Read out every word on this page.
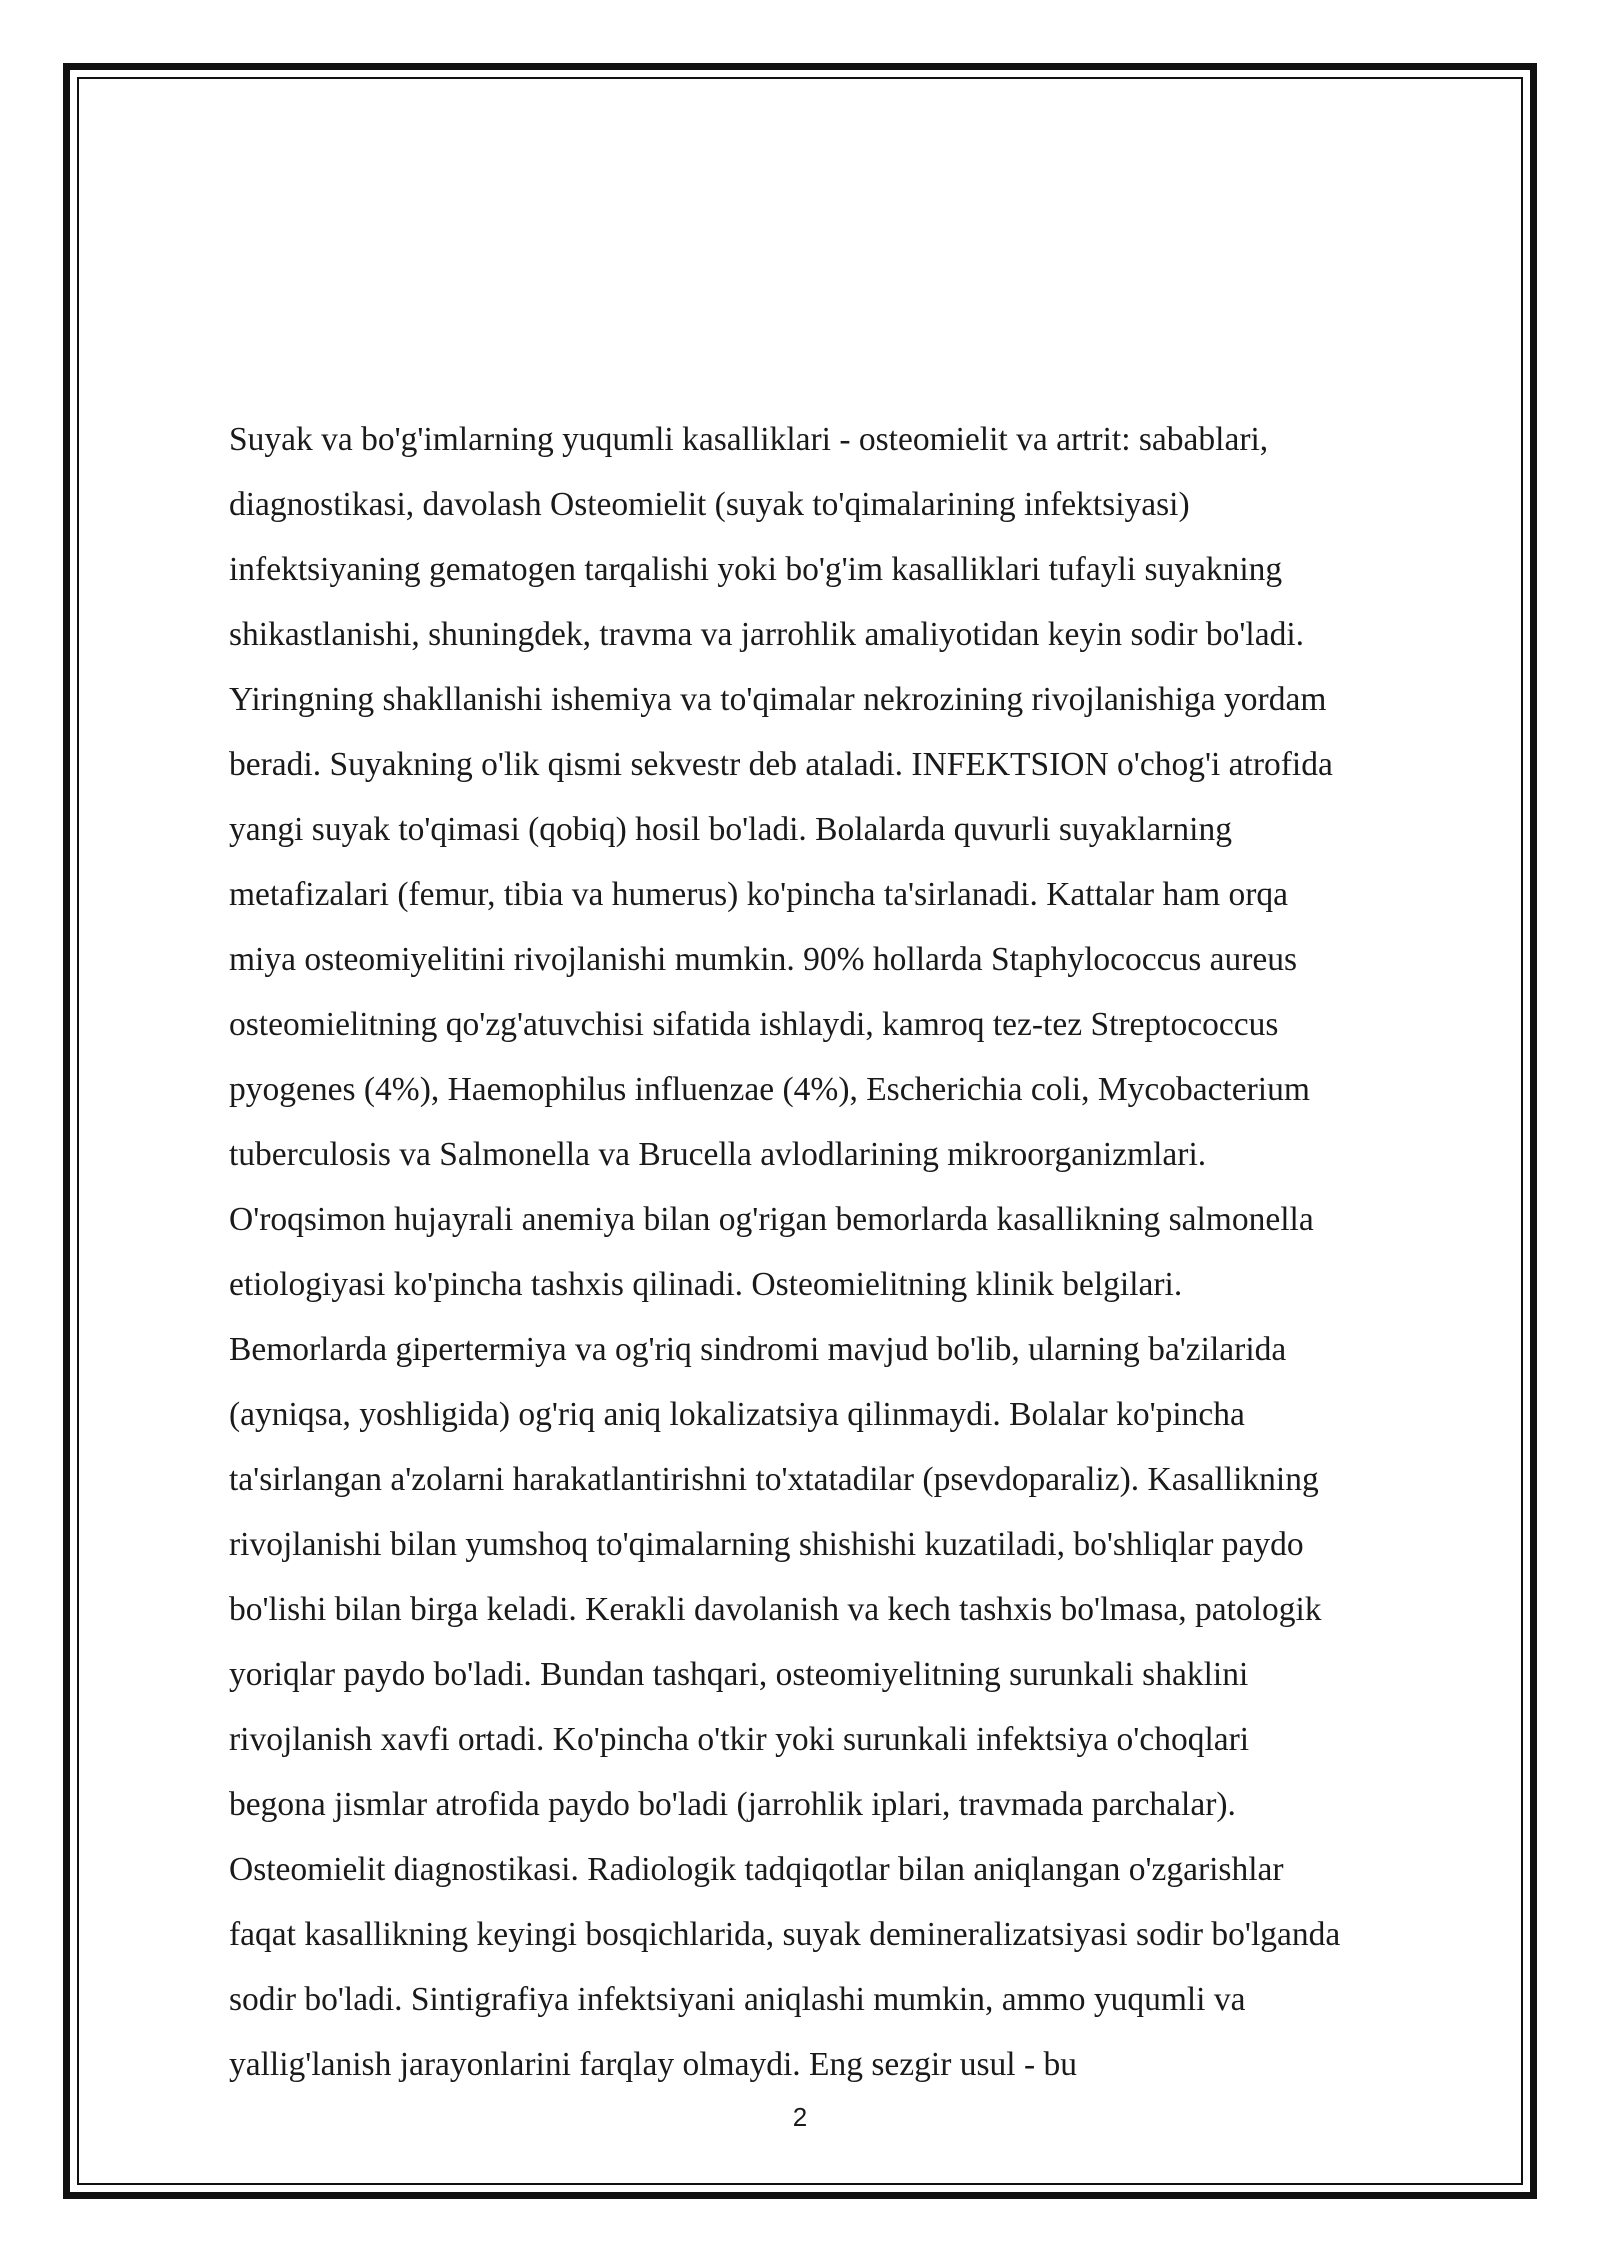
Suyak va bo'g'imlarning yuqumli kasalliklari - osteomielit va artrit: sabablari,
diagnostikasi, davolash Osteomielit (suyak to'qimalarining infektsiyasi)
infektsiyaning gematogen tarqalishi yoki bo'g'im kasalliklari tufayli suyakning
shikastlanishi, shuningdek, travma va jarrohlik amaliyotidan keyin sodir bo'ladi.
Yiringning shakllanishi ishemiya va to'qimalar nekrozining rivojlanishiga yordam
beradi. Suyakning o'lik qismi sekvestr deb ataladi. INFEKTSION o'chog'i atrofida
yangi suyak to'qimasi (qobiq) hosil bo'ladi. Bolalarda quvurli suyaklarning
metafizalari (femur, tibia va humerus) ko'pincha ta'sirlanadi. Kattalar ham orqa
miya osteomiyelitini rivojlanishi mumkin. 90% hollarda Staphylococcus aureus
osteomielitning qo'zg'atuvchisi sifatida ishlaydi, kamroq tez-tez Streptococcus
pyogenes (4%), Haemophilus influenzae (4%), Escherichia coli, Mycobacterium
tuberculosis va Salmonella va Brucella avlodlarining mikroorganizmlari.
O'roqsimon hujayrali anemiya bilan og'rigan bemorlarda kasallikning salmonella
etiologiyasi ko'pincha tashxis qilinadi. Osteomielitning klinik belgilari.
Bemorlarda gipertermiya va og'riq sindromi mavjud bo'lib, ularning ba'zilarida
(ayniqsa, yoshligida) og'riq aniq lokalizatsiya qilinmaydi. Bolalar ko'pincha
ta'sirlangan a'zolarni harakatlantirishni to'xtatadilar (psevdoparaliz). Kasallikning
rivojlanishi bilan yumshoq to'qimalarning shishishi kuzatiladi, bo'shliqlar paydo
bo'lishi bilan birga keladi. Kerakli davolanish va kech tashxis bo'lmasa, patologik
yoriqlar paydo bo'ladi. Bundan tashqari, osteomiyelitning surunkali shaklini
rivojlanish xavfi ortadi. Ko'pincha o'tkir yoki surunkali infektsiya o'choqlari
begona jismlar atrofida paydo bo'ladi (jarrohlik iplari, travmada parchalar).
Osteomielit diagnostikasi. Radiologik tadqiqotlar bilan aniqlangan o'zgarishlar
faqat kasallikning keyingi bosqichlarida, suyak demineralizatsiyasi sodir bo'lganda
sodir bo'ladi. Sintigrafiya infektsiyani aniqlashi mumkin, ammo yuqumli va
yallig'lanish jarayonlarini farqlay olmaydi. Eng sezgir usul - bu
2
